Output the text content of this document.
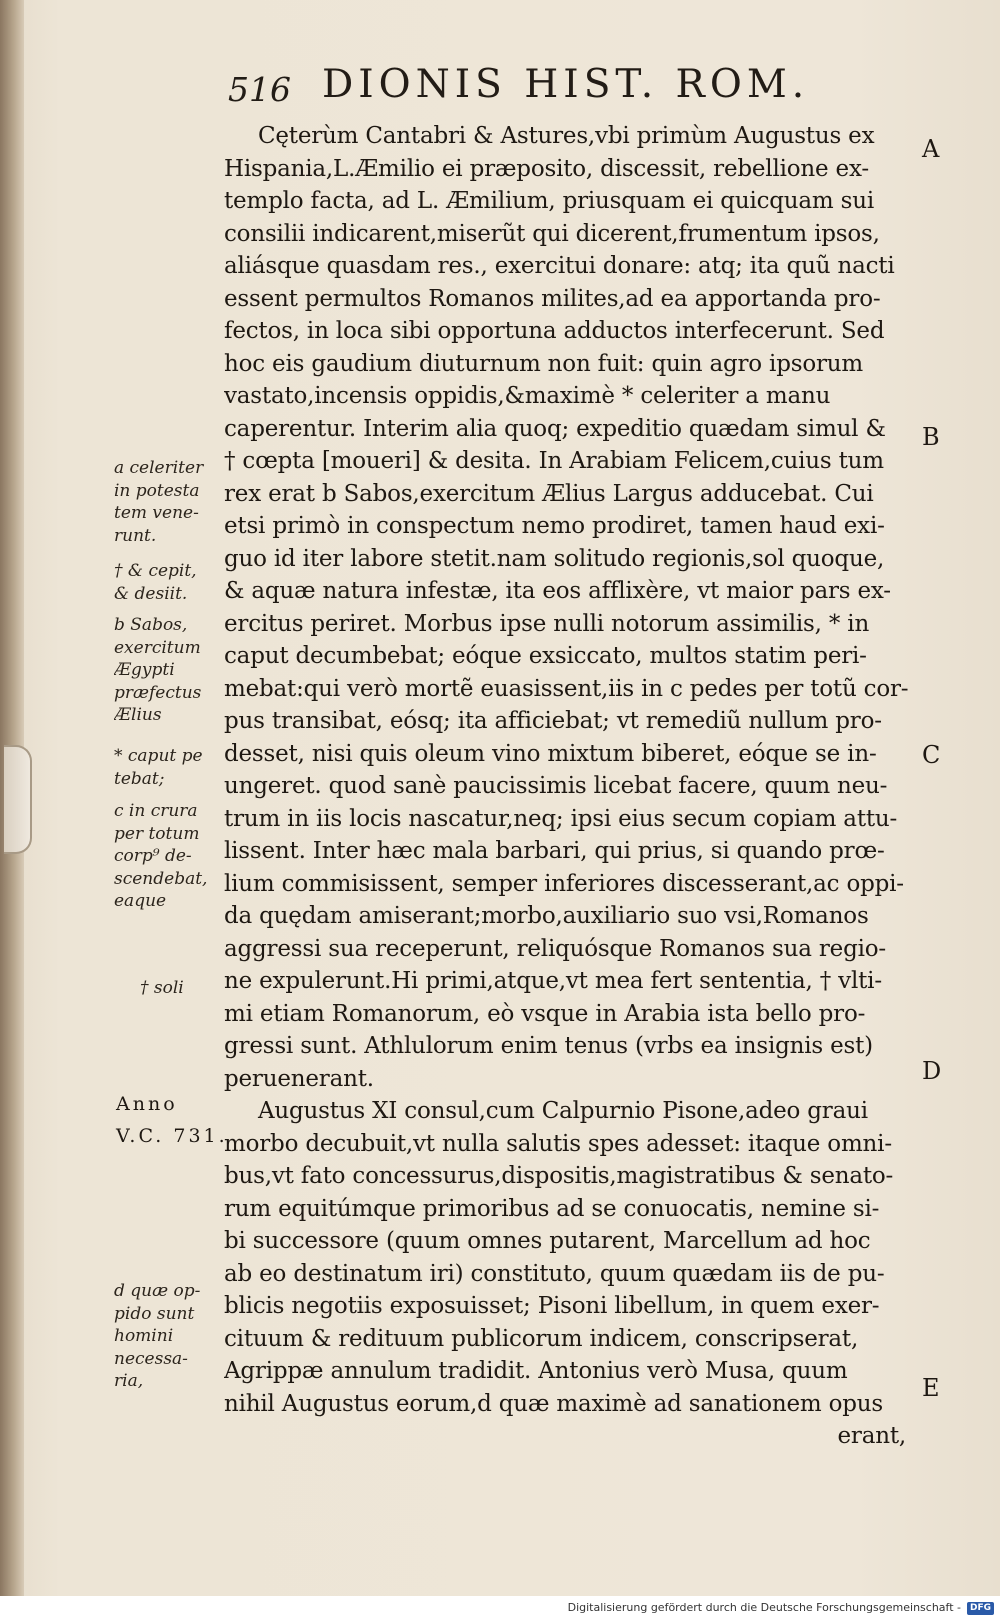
516 DIONIS HIST. ROM.
Cęterùm Cantabri & Astures,vbi primùm Augustus ex
Hispania,L.Æmilio ei præposito, discessit, rebellione ex-
templo facta, ad L. Æmilium, priusquam ei quicquam sui
consilii indicarent,miserũt qui dicerent,frumentum ipsos,
aliásque quasdam res., exercitui donare: atq; ita quũ nacti
essent permultos Romanos milites,ad ea apportanda pro-
fectos, in loca sibi opportuna adductos interfecerunt. Sed
hoc eis gaudium diuturnum non fuit: quin agro ipsorum
vastato,incensis oppidis,&maximè * celeriter a manu
caperentur. Interim alia quoq; expeditio quædam simul &
† cœpta [moueri] & desita. In Arabiam Felicem,cuius tum
rex erat b Sabos,exercitum Ælius Largus adducebat. Cui
etsi primò in conspectum nemo prodiret, tamen haud exi-
guo id iter labore stetit.nam solitudo regionis,sol quoque,
& aquæ natura infestæ, ita eos afflixère, vt maior pars ex-
ercitus periret. Morbus ipse nulli notorum assimilis, * in
caput decumbebat; eóque exsiccato, multos statim peri-
mebat:qui verò mortẽ euasissent,iis in c pedes per totũ cor-
pus transibat, eósq; ita afficiebat; vt remediũ nullum pro-
desset, nisi quis oleum vino mixtum biberet, eóque se in-
ungeret. quod sanè paucissimis licebat facere, quum neu-
trum in iis locis nascatur,neq; ipsi eius secum copiam attu-
lissent. Inter hæc mala barbari, qui prius, si quando prœ-
lium commisissent, semper inferiores discesserant,ac oppi-
da quędam amiserant;morbo,auxiliario suo vsi,Romanos
aggressi sua receperunt, reliquósque Romanos sua regio-
ne expulerunt.Hi primi,atque,vt mea fert sententia, † vlti-
mi etiam Romanorum, eò vsque in Arabia ista bello pro-
gressi sunt. Athlulorum enim tenus (vrbs ea insignis est)
peruenerant.
Augustus XI consul,cum Calpurnio Pisone,adeo graui
morbo decubuit,vt nulla salutis spes adesset: itaque omni-
bus,vt fato concessurus,dispositis,magistratibus & senato-
rum equitúmque primoribus ad se conuocatis, nemine si-
bi successore (quum omnes putarent, Marcellum ad hoc
ab eo destinatum iri) constituto, quum quædam iis de pu-
blicis negotiis exposuisset; Pisoni libellum, in quem exer-
cituum & redituum publicorum indicem, conscripserat,
Agrippæ annulum tradidit. Antonius verò Musa, quum
nihil Augustus eorum,d quæ maximè ad sanationem opus
erant,
a celeriter
in potesta
tem vene-
runt.
† & cepit,
& desiit.
b Sabos,
exercitum
Ægypti
præfectus
Ælius
* caput pe
tebat;
c in crura
per totum
corp⁹ de-
scendebat,
eaque
† soli
Anno
V.C. 731.
d quæ op-
pido sunt
homini
necessa-
ria,
A
B
C
D
E
Digitalisierung gefördert durch die Deutsche Forschungsgemeinschaft - DFG
